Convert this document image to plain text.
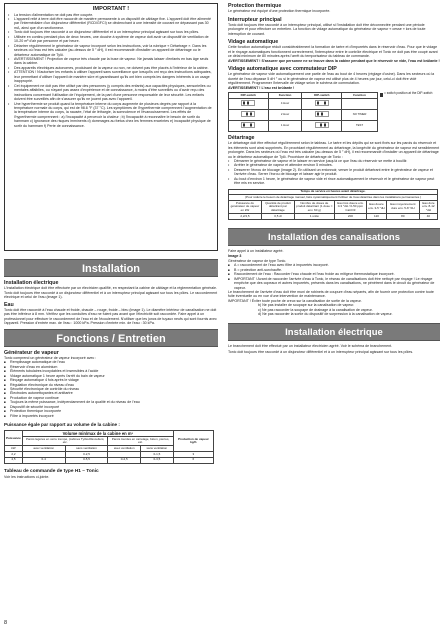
IMPORTANT !
• La tension d'alimentation ne doit pas être coupée.
• L'appareil relié à terre doit être raccordé de manière permanente à un dispositif de câblage fixe. L'appareil doit être alimenté par l'intermédiaire d'un disjoncteur différentiel (RCD/GFCI) se déclenchant à une intensité de courant ne dépassant pas 30 mA, ainsi que d'un sectionneur.
• Tonic doit toujours être raccordé à un disjoncteur différentiel et à un interrupteur principal agissant sur tous les pôles.
• Utilisée en continu pendant plus de deux heures, une douche à système de vapeur doit avoir un dispositif de ventilation de 10-20 m³ d'air par personne et par heure.
• Détartrer régulièrement le générateur de vapeur incorporé selon les instructions, voir la rubrique « Détartrage ». Dans les secteurs où l'eau est très calcaire (au-dessus de 5 ° dH), il est recommandé d'installer un appareil de détartrage ou le détartreur automatique de Tylö.
• AVERTISSEMENT ! Projection de vapeur très chaude par la buse de vapeur. Ne jamais laisser d'enfants en bas âge seuls dans la cabine.
• Des appareils électriques autonomes, produisant de la vapeur ou non, ne doivent pas être placés à l'intérieur de la cabine.
• ATTENTION ! N'autoriser les enfants à utiliser l'appareil sans surveillance que lorsqu'ils ont reçu des instructions adéquates, leur permettant d'utiliser l'appareil de manière sûre et garantissant qu'ils ont bien compris les dangers inhérents à un usage inapproprié.
• Cet équipement ne doit pas être utilisé par des personnes (y compris des enfants) aux capacités physiques, sensorielles ou mentales affaiblies, ou n'ayant pas assez d'expérience et de connaissance, à moins d'être surveillés ou d'avoir reçu des instructions concernant l'utilisation de l'équipement, de la part d'une personne responsable de leur sécurité. Les enfants doivent être surveillés afin de s'assurer qu'ils ne jouent pas avec l'appareil.
• Une hyperthermie se produit quand la température interne du corps augmente de plusieurs degrés par rapport à la température normale du corps, qui est de 98.6 °F (37 °C). Les symptômes de l'hyperthermie comprennent l'augmentation de la température interne du corps, la nausée, l'état de léthargie, la somnolence et l'évanouissement. Les effets de l'hyperthermie comprennent : a) l'incapacité à percevoir la chaleur ; b) l'incapacité à reconnaître le besoin de sortir du hammam c) ignorance des risques imminents d) dommages au fœtus chez les femmes enceintes e) incapacité physique de sortir du hammam f) Perte de connaissance.
Installation

Installation électrique

L'installation électrique doit être effectuée par un électricien qualifié, en respectant la cabine de câblage et la réglementation générale. Tonic doit toujours être raccordé à un disjoncteur différentiel et à un interrupteur principal agissant sur tous les pôles. Le raccordement électrique et celui de l'eau (image 1).

Eau

Tonic doit être raccordé à l'eau chaude et froide, chaude – rouge, froide – bleu (image 1). Le diamètre intérieur de canalisation ne doit pas être inférieur à 8 mm. Vérifiez que les conduites d'eau ne fuient pas avant que l'électricité soit raccordée. Faire appel à un professionnel pour effectuer le raccordement de l'eau et de l'écoulement. N'utiliser que les joncs de tuyaux neufs qui sont fournis avec l'appareil. Pression d'entrée max. de l'eau : 1000 kPa. Pression d'entrée min. de l'eau : 30 kPa.

Fonctions / Entretien

Générateur de vapeur

Tonic comprend un générateur de vapeur incorporé avec :

■ Remplissage automatique de l'eau
■ Réservoir d'eau en aluminium
■ Éléments tubulaires inoxydables et insensibles à l'acide
■ Vidage automatique 1 heure après l'arrêt du bain de vapeur
■ Rinçage automatique 4 fois après le vidage
■ Régulation électronique du niveau d'eau
■ Sécurité électronique de contrôle du niveau
■ Électrodes autonettoyantes et antitartre
■ Production de vapeur continue
■ Toujours la même puissance, indépendamment de la qualité et du niveau de l'eau
■ Dispositif de sécurité incorporé
■ Protection thermique incorporée
■ Filtre à impuretés incorporé

Puissance égale par rapport au volume de la cabine :

Puissance	Volume min/max de la cabine en m³				Production de vapeur kg/h
	Parois légères en verre trempé, (cabines Tylö/eOExcellent, etc.		Parois lourdes en carrelage, béton, pierres, etc.		
kW	avec ventilation	sans ventilation	avec ventilation	sans ventilation	
2,2		0-2,5		0-1,5	3
4,5	0-4	0-5,5	0-2,5	0-3,5	6

Tableau de commande de type H1 – Tonic

Voir les instructions ci-jointe.

Protection thermique

Le générateur est équipé d'une protection thermique incorporée.

Interrupteur principal

Tonic doit toujours être raccordé à un interrupteur principal, utilisé si l'installation doit être déconnectée pendant une période prolongée et pour effectuer un entretien. La fonction de vidage automatique du générateur de vapeur « cesse » lors de toute interruption de courant.

Vidage automatique

Cette fonction automatique réduit considérablement la formation de tartre et d'impuretés dans le réservoir d'eau. Pour que le vidage et le rinçage automatiques fonctionnent correctement, l'interrupteur entre le contrôle électrique et Tonic ne doit pas être coupé avant ce délai minimum de 80 minutes après l'arrêt du temporisateur du tableau de commande.

AVERTISSEMENT ! S'assurer que personne ne se trouve dans la cabine pendant que le réservoir se vide, l'eau est brûlante !

Vidage automatique avec commutateur DIP

Le générateur de vapeur vide automatiquement une partie de l'eau au bout de 4 heures (réglage d'usine). Dans les secteurs où la dureté de l'eau dépasse 5 dH ° ou si le générateur de vapeur est utilisé plus de 4 heures par jour, celui-ci doit être vidé régulièrement. Programmer l'intervalle de vidage selon le schéma de commutation.

AVERTISSEMENT ! L'eau est brûlante !

DIP-switch	Function	DIP-switch	Function
	4 Hour		
	2 Hour		NO TIMER
	1 Hour		TEST
= switch position at the DIP-switch

Détartrage

Le détartrage doit être effectué régulièrement selon le tableau. Le tartre et les dépôts qui se sont fixés sur les parois du réservoir et les éléments sont ainsi supprimés. En procédant régulièrement au détartrage, la longévité du générateur de vapeur est sensiblement prolongée. Dans les secteurs où l'eau est très calcaire (au-dessus de 5 ° dH), il est recommandé d'installer un appareil de détartrage ou le détartreur automatique de Tylö. Procédure de détartrage de Tonic :

• Démarrer le générateur de vapeur et le laisser en service jusqu'à ce que l'eau du réservoir se mette à bouillir.
• Arrêter le générateur de vapeur et attendre environ 5 minutes.
• Desserrer l'écrou de blocage (image 2). En utilisant un entonnoir, verser le produit détartrant entre le générateur de vapeur et l'arrivée d'eau. Serrer l'écrou de blocage et laisser agir le produit.
• Au bout d'environ 1 heure, le générateur de vapeur vide et rince automatiquement le réservoir et le générateur de vapeur peut être mis en service.
Temps de service en heures avant détartrage.						
(Pour réduire le besoin de détartrage manuel, faire systématiquement l'utiliser de l'eau détartrée dans les installations permanentes.)						
Puissance du générateur de vapeur en kW	Quantité de produit détartrant par détartrage	Nombre de doses de produit détartrant (1 dose = env. 60 g)	Eau très douce env. 0-3 °dH / 0-50 ppm CaCO3	Eau douce env. 3-5 °dH	Eau moyennement dure env. 5-8 °dH	Eau dure env. 8-12 °dH
2,2/4,5	0,5 dl	1 unité	200	120	80	40
Installation des canalisations

Faire appel à un installateur agréé.

Image 3

Générateur de vapeur de type Tonic.

■ A = raccordement de l'eau avec filtre à impuretés incorporé.
■ B = protection anti-surchauffe.
■ Raccordement de l'eau : Raccorder l'eau chaude et l'eau froide au mitigeur thermostatique incorporé.
■ IMPORTANT ! Avant de raccorder l'arrivée d'eau à Tonic, le réseau de canalisations doit être nettoyé par rinçage ! Le rinçage empêche que des copeaux et autres impuretés, présents dans les canalisations, ne pénètrent dans le circuit du générateur de vapeur.

Le branchement de l'arrivée d'eau doit être muni de robinets de coupure d'eau séparés, afin de fournir une protection contre toute fuite éventuelle ou en vue d'une intervention de maintenance.

IMPORTANT ! Éviter toute poche de creux sur la canalisation de sortie de la vapeur.

b) Ne pas installer de soupape sur la canalisation de vapeur.

c) Ne pas raccorder la soupape de drainage à la canalisation de vapeur.

d) Ne pas raccorder la sortie du dispositif de surpression à la canalisation de vapeur.

Installation électrique

Le branchement doit être effectué par un installateur électricien agréé. Voir le schéma de branchement.

Tonic doit toujours être raccordé à un disjoncteur différentiel et à un interrupteur principal agissant sur tous les pôles.

8
